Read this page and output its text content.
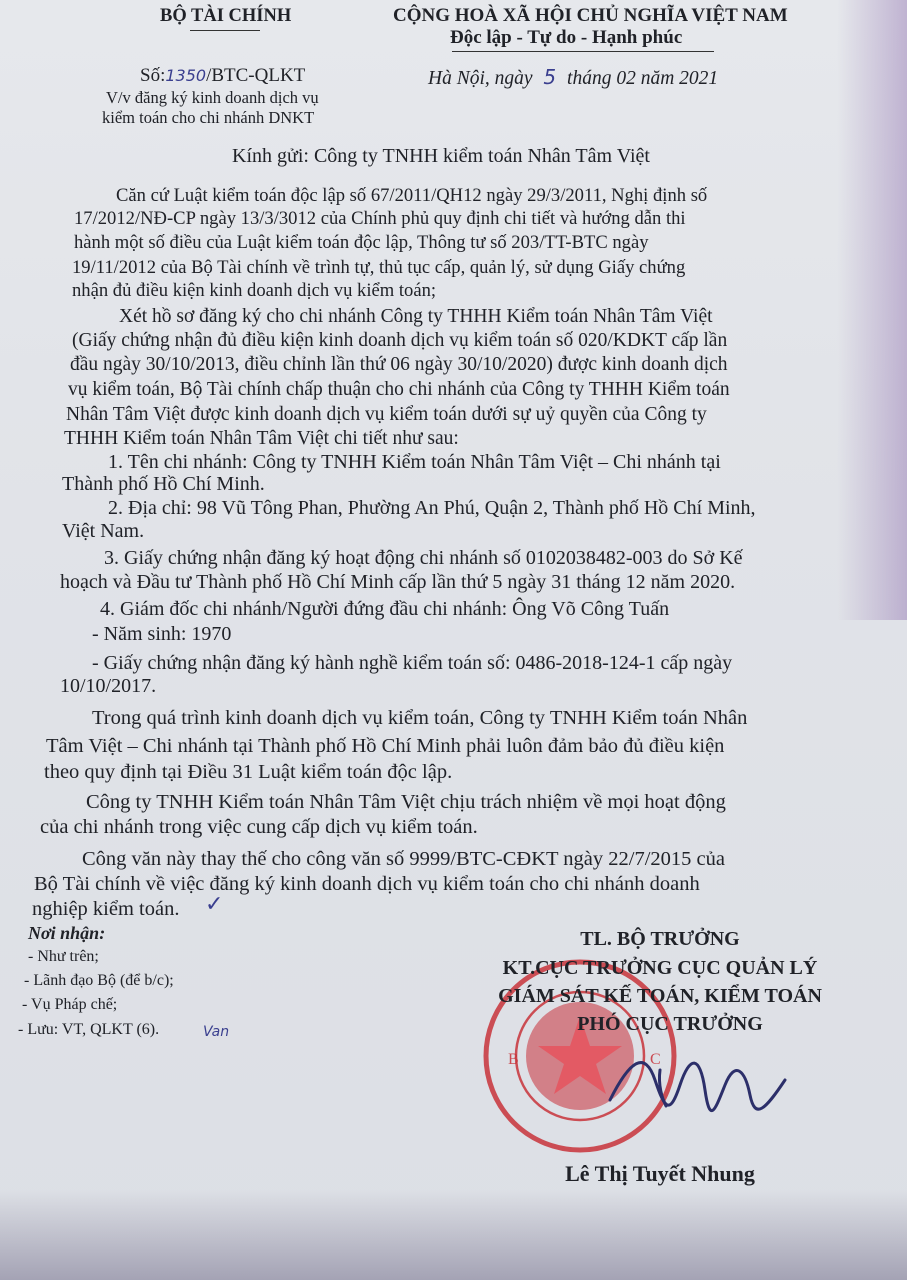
BỘ TÀI CHÍNH	CỘNG HOÀ XÃ HỘI CHỦ NGHĨA VIỆT NAM
Độc lập - Tự do - Hạnh phúc
Số:1350/BTC-QLKT
V/v đăng ký kinh doanh dịch vụ
kiểm toán cho chi nhánh DNKT
Hà Nội, ngày 5 tháng 02 năm 2021
Kính gửi: Công ty TNHH kiểm toán Nhân Tâm Việt
Căn cứ Luật kiểm toán độc lập số 67/2011/QH12 ngày 29/3/2011, Nghị định số
17/2012/NĐ-CP ngày 13/3/3012 của Chính phủ quy định chi tiết và hướng dẫn thi
hành một số điều của Luật kiểm toán độc lập, Thông tư số 203/TT-BTC ngày
19/11/2012 của Bộ Tài chính về trình tự, thủ tục cấp, quản lý, sử dụng Giấy chứng
nhận đủ điều kiện kinh doanh dịch vụ kiểm toán;
Xét hồ sơ đăng ký cho chi nhánh Công ty THHH Kiểm toán Nhân Tâm Việt
(Giấy chứng nhận đủ điều kiện kinh doanh dịch vụ kiểm toán số 020/KDKT cấp lần
đầu ngày 30/10/2013, điều chỉnh lần thứ 06 ngày 30/10/2020) được kinh doanh dịch
vụ kiểm toán, Bộ Tài chính chấp thuận cho chi nhánh của Công ty THHH Kiểm toán
Nhân Tâm Việt được kinh doanh dịch vụ kiểm toán dưới sự uỷ quyền của Công ty
THHH Kiểm toán Nhân Tâm Việt chi tiết như sau:
1. Tên chi nhánh: Công ty TNHH Kiểm toán Nhân Tâm Việt – Chi nhánh tại
Thành phố Hồ Chí Minh.
2. Địa chỉ: 98 Vũ Tông Phan, Phường An Phú, Quận 2, Thành phố Hồ Chí Minh,
Việt Nam.
3. Giấy chứng nhận đăng ký hoạt động chi nhánh số 0102038482-003 do Sở Kế
hoạch và Đầu tư Thành phố Hồ Chí Minh cấp lần thứ 5 ngày 31 tháng 12 năm 2020.
4. Giám đốc chi nhánh/Người đứng đầu chi nhánh: Ông Võ Công Tuấn
- Năm sinh: 1970
- Giấy chứng nhận đăng ký hành nghề kiểm toán số: 0486-2018-124-1 cấp ngày
10/10/2017.
Trong quá trình kinh doanh dịch vụ kiểm toán, Công ty TNHH Kiểm toán Nhân
Tâm Việt – Chi nhánh tại Thành phố Hồ Chí Minh phải luôn đảm bảo đủ điều kiện
theo quy định tại Điều 31 Luật kiểm toán độc lập.
Công ty TNHH Kiểm toán Nhân Tâm Việt chịu trách nhiệm về mọi hoạt động
của chi nhánh trong việc cung cấp dịch vụ kiểm toán.
Công văn này thay thế cho công văn số 9999/BTC-CĐKT ngày 22/7/2015 của
Bộ Tài chính về việc đăng ký kinh doanh dịch vụ kiểm toán cho chi nhánh doanh
nghiệp kiểm toán. ✓
Nơi nhận:
- Như trên;
- Lãnh đạo Bộ (để b/c);
- Vụ Pháp chế;
- Lưu: VT, QLKT (6).	Van
B	C
TL. BỘ TRƯỞNG
KT.CỤC TRƯỞNG CỤC QUẢN LÝ
GIÁM SÁT KẾ TOÁN, KIỂM TOÁN
PHÓ CỤC TRƯỞNG
Lê Thị Tuyết Nhung
